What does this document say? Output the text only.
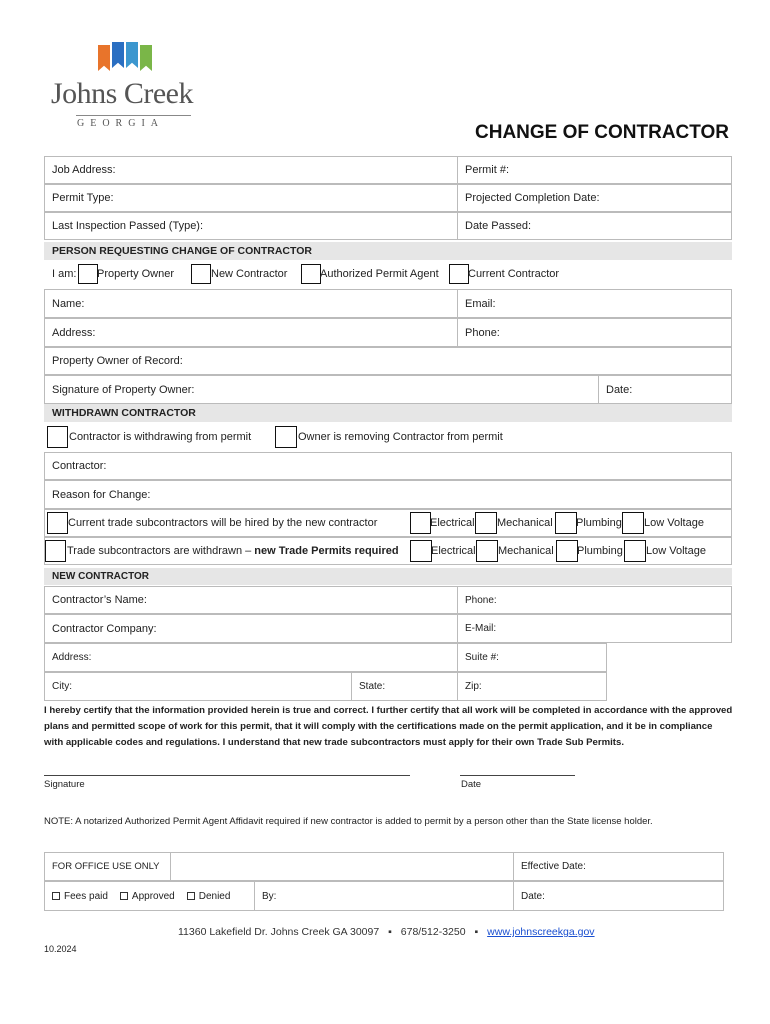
Johns Creek
GEORGIA	CHANGE OF CONTRACTOR
Job Address:	Permit #:
Permit Type:	Projected Completion Date:
Last Inspection Passed (Type):	Date Passed:
PERSON REQUESTING CHANGE OF CONTRACTOR
I am: Property Owner	New Contractor	Authorized Permit Agent	Current Contractor
Name:	Email:
Address:	Phone:
Property Owner of Record:
Signature of Property Owner:	Date:
WITHDRAWN CONTRACTOR
Contractor is withdrawing from permit	Owner is removing Contractor from permit
Contractor:
Reason for Change:
Current trade subcontractors will be hired by the new contractor	Electrical Mechanical Plumbing Low Voltage
Trade subcontractors are withdrawn – new Trade Permits required	Electrical Mechanical Plumbing Low Voltage
NEW CONTRACTOR
Contractor’s Name:	Phone:
Contractor Company:	E-Mail:
Address:	Suite #:
City:	State:	Zip:
I hereby certify that the information provided herein is true and correct. I further certify that all work will be completed in accordance with the approved plans and permitted scope of work for this permit, that it will comply with the certifications made on the permit application, and it be in compliance with applicable codes and regulations. I understand that new trade subcontractors must apply for their own Trade Sub Permits.
Signature	Date
NOTE: A notarized Authorized Permit Agent Affidavit required if new contractor is added to permit by a person other than the State license holder.
FOR OFFICE USE ONLY	Effective Date:
Fees paid Approved Denied	By:	Date:
11360 Lakefield Dr. Johns Creek GA 30097 ▪ 678/512-3250 ▪ www.johnscreekga.gov
10.2024
